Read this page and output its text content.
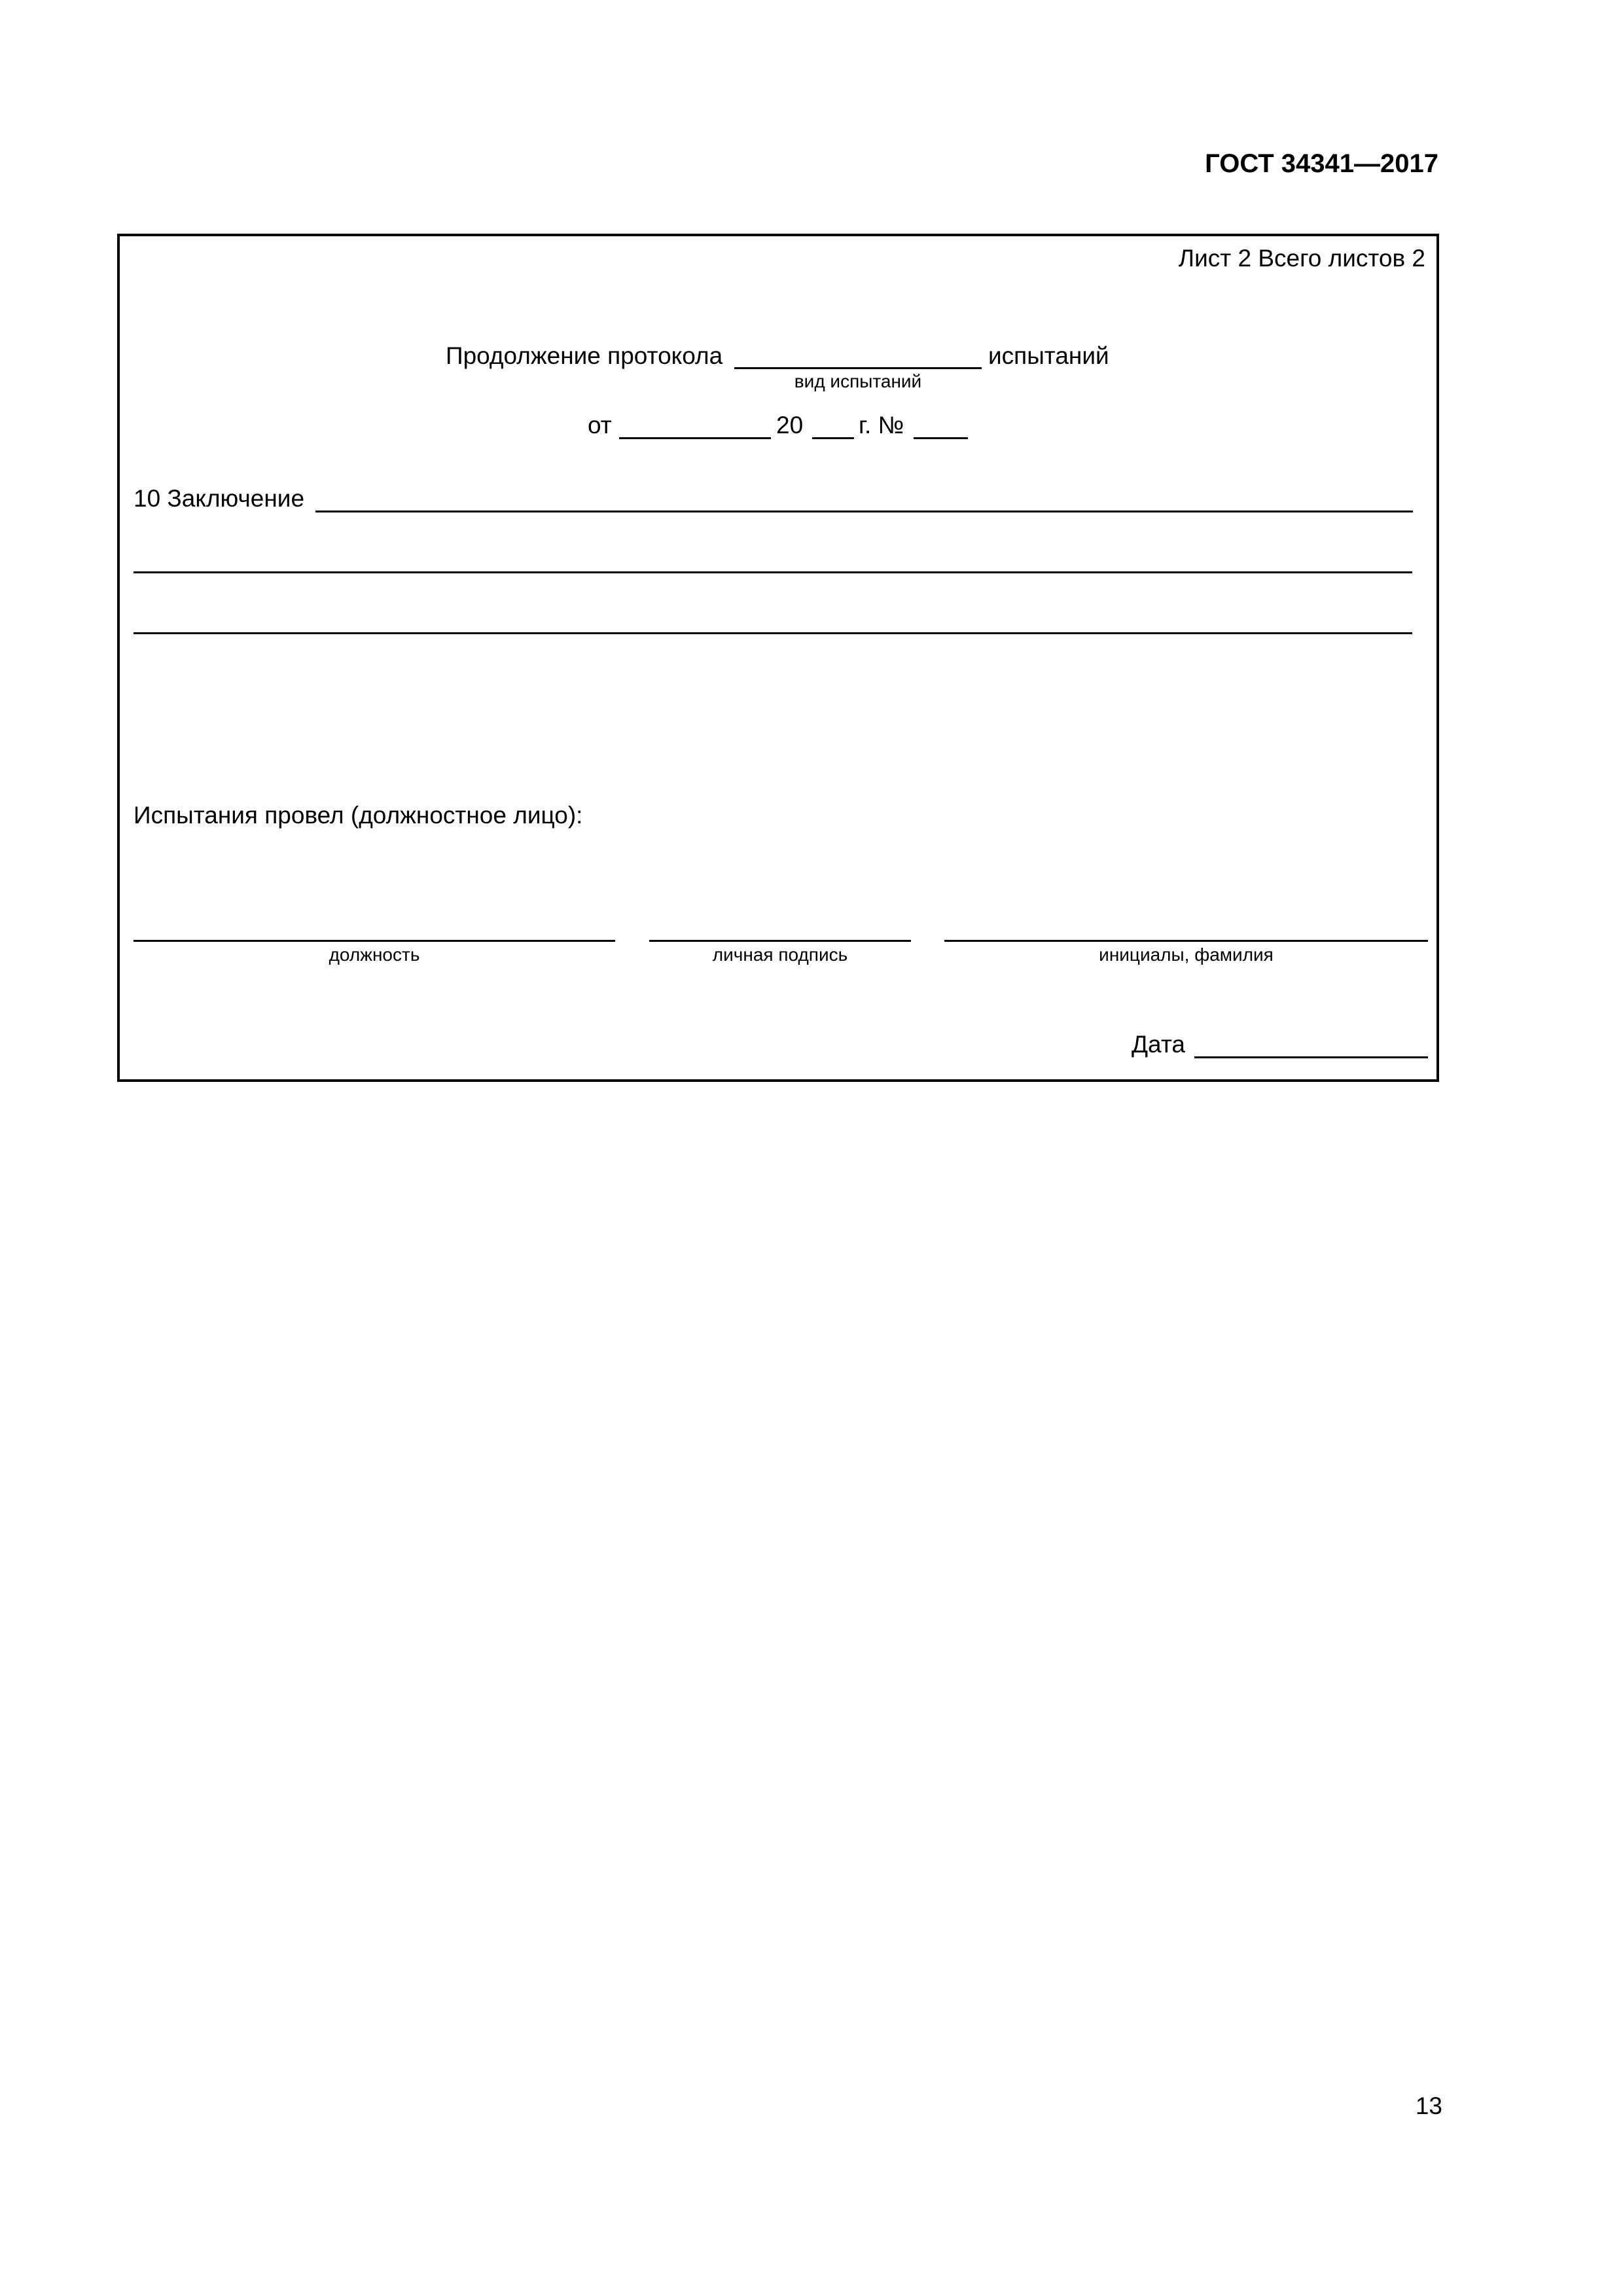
ГОСТ 34341—2017
Лист 2 Всего листов 2
Продолжение протокола	испытаний
вид испытаний
от	20 г. №
10 Заключение
Испытания провел (должностное лицо):
должность	личная подпись	инициалы, фамилия
Дата
13
